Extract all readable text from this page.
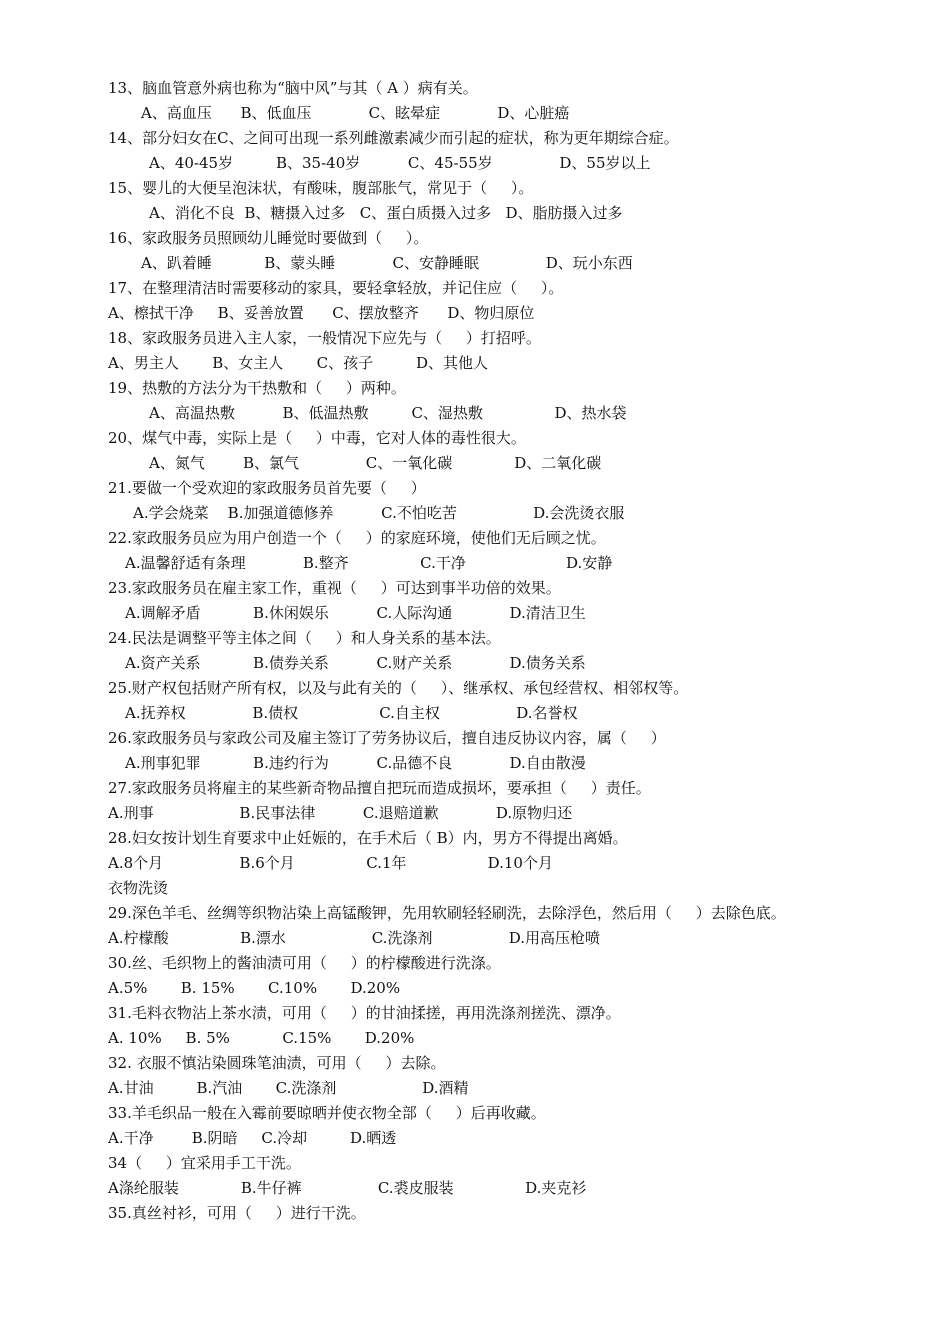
13、脑血管意外病也称为“脑中风”与其（ A ）病有关。
A、高血压      B、低血压            C、眩晕症            D、心脏癌
14、部分妇女在C、之间可出现一系列雌激素减少而引起的症状，称为更年期综合症。
A、40-45岁         B、35-40岁          C、45-55岁              D、55岁以上
15、婴儿的大便呈泡沫状，有酸味，腹部胀气，常见于（     ）。
A、消化不良  B、糖摄入过多   C、蛋白质摄入过多   D、脂肪摄入过多
16、家政服务员照顾幼儿睡觉时要做到（     ）。
A、趴着睡           B、蒙头睡            C、安静睡眠              D、玩小东西
17、在整理清洁时需要移动的家具，要轻拿轻放，并记住应（     ）。
A、檫拭干净     B、妥善放置      C、摆放整齐      D、物归原位
18、家政服务员进入主人家，一般情况下应先与（     ）打招呼。
A、男主人       B、女主人       C、孩子         D、其他人
19、热敷的方法分为干热敷和（     ）两种。
A、高温热敷          B、低温热敷         C、湿热敷               D、热水袋
20、煤气中毒，实际上是（     ）中毒，它对人体的毒性很大。
A、氮气        B、氯气              C、一氧化碳             D、二氧化碳
21.要做一个受欢迎的家政服务员首先要（     ）
A.学会烧菜    B.加强道德修养          C.不怕吃苦                D.会洗烫衣服
22.家政服务员应为用户创造一个（     ）的家庭环境，使他们无后顾之忧。
A.温馨舒适有条理            B.整齐               C.干净                     D.安静
23.家政服务员在雇主家工作，重视（     ）可达到事半功倍的效果。
A.调解矛盾           B.休闲娱乐          C.人际沟通            D.清洁卫生
24.民法是调整平等主体之间（     ）和人身关系的基本法。
A.资产关系           B.债券关系          C.财产关系            D.债务关系
25.财产权包括财产所有权，以及与此有关的（     ）、继承权、承包经营权、相邻权等。
A.抚养权              B.债权                 C.自主权                D.名誉权
26.家政服务员与家政公司及雇主签订了劳务协议后，擅自违反协议内容，属（     ）
A.刑事犯罪           B.违约行为          C.品德不良            D.自由散漫
27.家政服务员将雇主的某些新奇物品擅自把玩而造成损坏，要承担（     ）责任。
A.刑事                  B.民事法律          C.退赔道歉            D.原物归还
28.妇女按计划生育要求中止妊娠的，在手术后（ B）内，男方不得提出离婚。
A.8个月                B.6个月               C.1年                 D.10个月
衣物洗烫
29.深色羊毛、丝绸等织物沾染上高锰酸钾，先用软刷轻轻刷洗，去除浮色，然后用（     ）去除色底。
A.柠檬酸               B.漂水                  C.洗涤剂                D.用高压枪喷
30.丝、毛织物上的酱油渍可用（     ）的柠檬酸进行洗涤。
A.5%       B. 15%       C.10%       D.20%
31.毛料衣物沾上茶水渍，可用（     ）的甘油揉搓，再用洗涤剂搓洗、漂净。
A. 10%     B. 5%           C.15%       D.20%
32. 衣服不慎沾染圆珠笔油渍，可用（     ）去除。
A.甘油         B.汽油       C.洗涤剂                  D.酒精
33.羊毛织品一般在入霉前要晾晒并使衣物全部（     ）后再收藏。
A.干净        B.阴暗     C.冷却         D.晒透
34（     ）宜采用手工干洗。
A涤纶服装             B.牛仔裤                C.裘皮服装               D.夹克衫
35.真丝衬衫，可用（     ）进行干洗。
